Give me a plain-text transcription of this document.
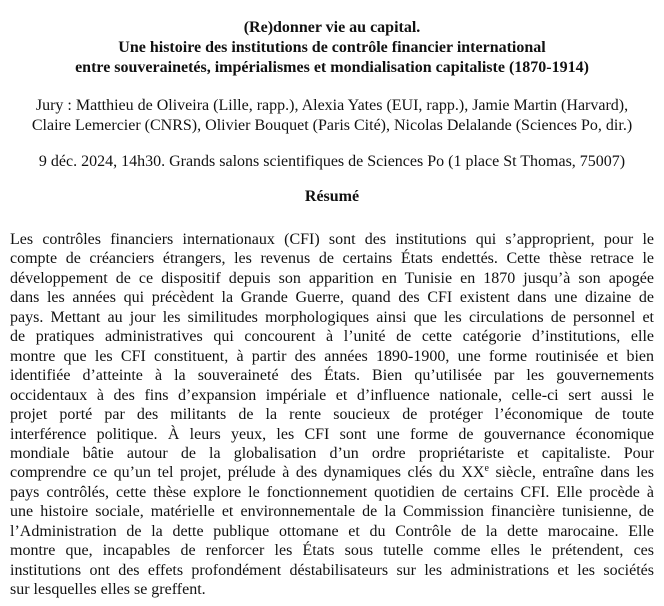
(Re)donner vie au capital.
Une histoire des institutions de contrôle financier international
entre souverainetés, impérialismes et mondialisation capitaliste (1870-1914)
Jury : Matthieu de Oliveira (Lille, rapp.), Alexia Yates (EUI, rapp.), Jamie Martin (Harvard),
Claire Lemercier (CNRS), Olivier Bouquet (Paris Cité), Nicolas Delalande (Sciences Po, dir.)
9 déc. 2024, 14h30. Grands salons scientifiques de Sciences Po (1 place St Thomas, 75007)
Résumé
Les contrôles financiers internationaux (CFI) sont des institutions qui s’approprient, pour le
compte de créanciers étrangers, les revenus de certains États endettés. Cette thèse retrace le
développement de ce dispositif depuis son apparition en Tunisie en 1870 jusqu’à son apogée
dans les années qui précèdent la Grande Guerre, quand des CFI existent dans une dizaine de
pays. Mettant au jour les similitudes morphologiques ainsi que les circulations de personnel et
de pratiques administratives qui concourent à l’unité de cette catégorie d’institutions, elle
montre que les CFI constituent, à partir des années 1890-1900, une forme routinisée et bien
identifiée d’atteinte à la souveraineté des États. Bien qu’utilisée par les gouvernements
occidentaux à des fins d’expansion impériale et d’influence nationale, celle-ci sert aussi le
projet porté par des militants de la rente soucieux de protéger l’économique de toute
interférence politique. À leurs yeux, les CFI sont une forme de gouvernance économique
mondiale bâtie autour de la globalisation d’un ordre propriétariste et capitaliste. Pour
comprendre ce qu’un tel projet, prélude à des dynamiques clés du XXe siècle, entraîne dans les
pays contrôlés, cette thèse explore le fonctionnement quotidien de certains CFI. Elle procède à
une histoire sociale, matérielle et environnementale de la Commission financière tunisienne, de
l’Administration de la dette publique ottomane et du Contrôle de la dette marocaine. Elle
montre que, incapables de renforcer les États sous tutelle comme elles le prétendent, ces
institutions ont des effets profondément déstabilisateurs sur les administrations et les sociétés
sur lesquelles elles se greffent.
